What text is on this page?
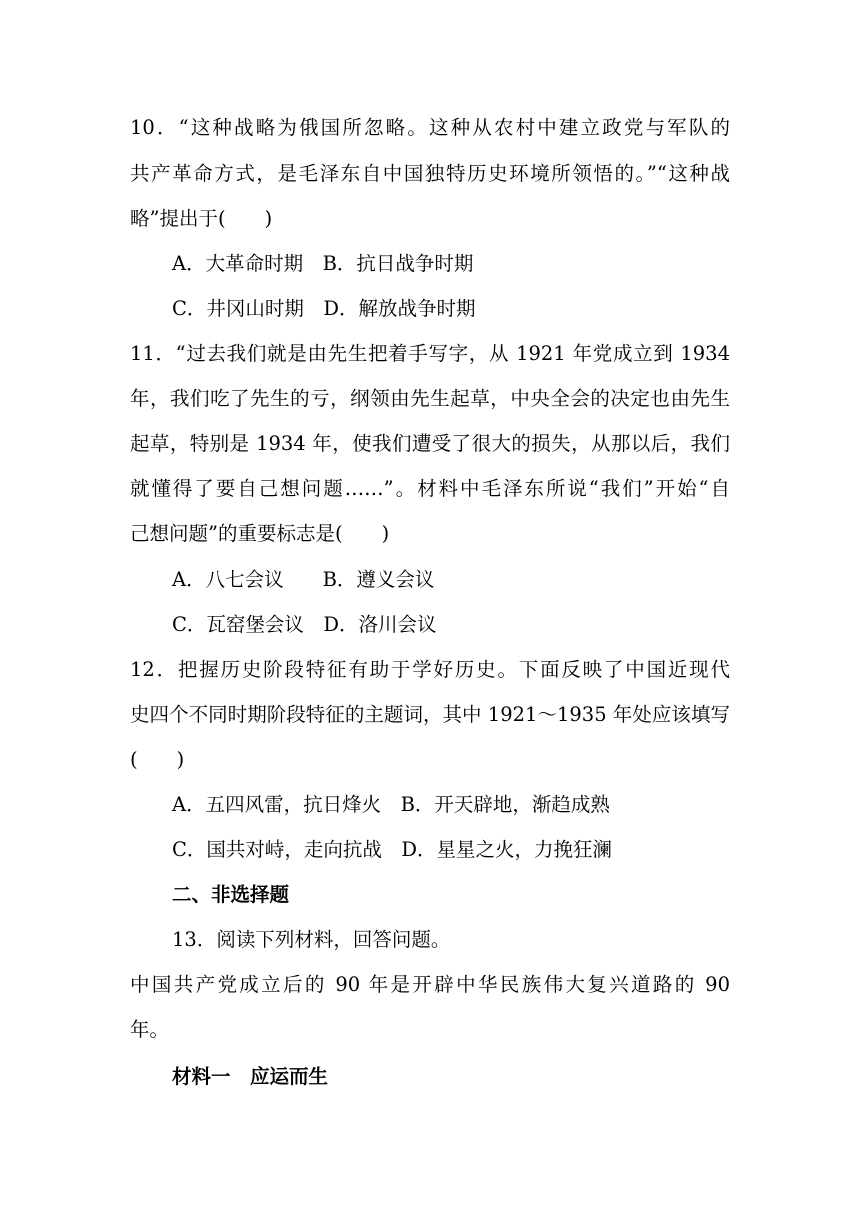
10．“这种战略为俄国所忽略。这种从农村中建立政党与军队的
共产革命方式，是毛泽东自中国独特历史环境所领悟的。”“这种战
略”提出于(　　)
A．大革命时期　B．抗日战争时期
C．井冈山时期　D．解放战争时期
11．“过去我们就是由先生把着手写字，从 1921 年党成立到 1934
年，我们吃了先生的亏，纲领由先生起草，中央全会的决定也由先生
起草，特别是 1934 年，使我们遭受了很大的损失，从那以后，我们
就懂得了要自己想问题……”。材料中毛泽东所说“我们”开始“自
己想问题”的重要标志是(　　)
A．八七会议　　B．遵义会议
C．瓦窑堡会议　D．洛川会议
12．把握历史阶段特征有助于学好历史。下面反映了中国近现代
史四个不同时期阶段特征的主题词，其中 1921～1935 年处应该填写
(　　)
A．五四风雷，抗日烽火　B．开天辟地，渐趋成熟
C．国共对峙，走向抗战　D．星星之火，力挽狂澜
二、非选择题
13．阅读下列材料，回答问题。
中国共产党成立后的 90 年是开辟中华民族伟大复兴道路的 90
年。
材料一　应运而生
